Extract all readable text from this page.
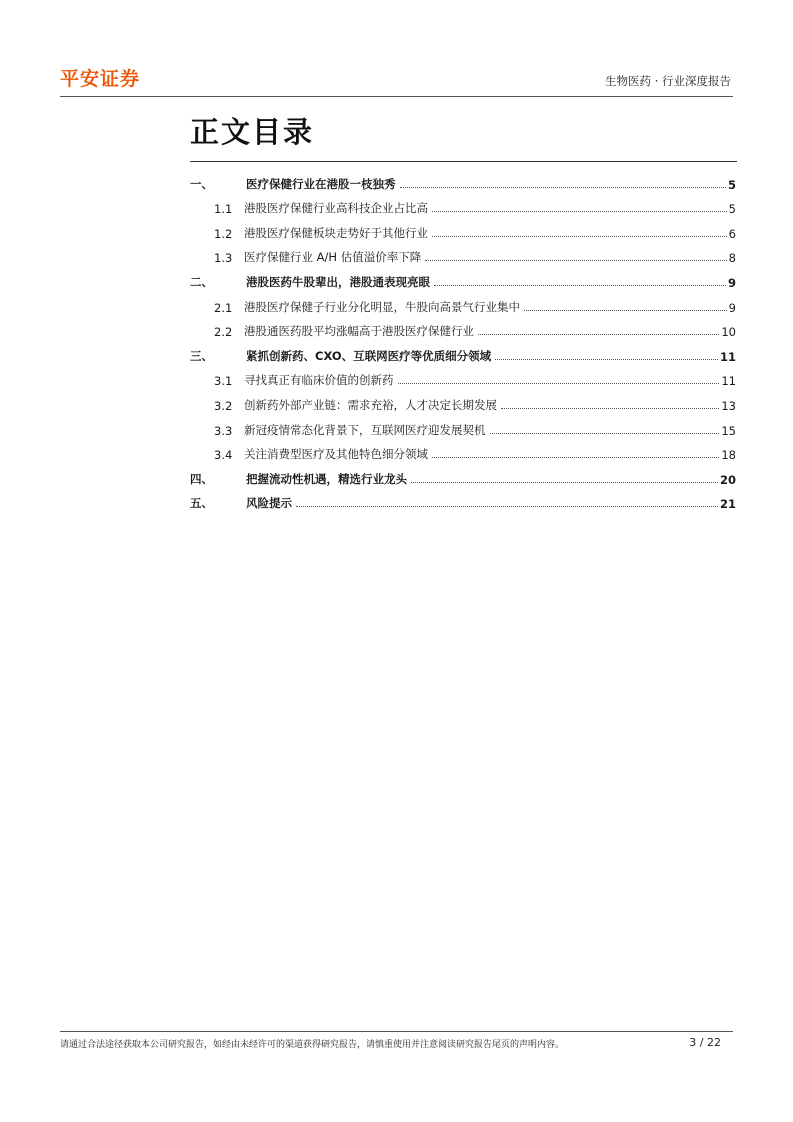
平安证券	生物医药 · 行业深度报告
正文目录
一、	医疗保健行业在港股一枝独秀	5
1.1	港股医疗保健行业高科技企业占比高	5
1.2	港股医疗保健板块走势好于其他行业	6
1.3	医疗保健行业 A/H 估值溢价率下降	8
二、	港股医药牛股辈出，港股通表现亮眼	9
2.1	港股医疗保健子行业分化明显，牛股向高景气行业集中	9
2.2	港股通医药股平均涨幅高于港股医疗保健行业	10
三、	紧抓创新药、CXO、互联网医疗等优质细分领域	11
3.1	寻找真正有临床价值的创新药	11
3.2	创新药外部产业链：需求充裕，人才决定长期发展	13
3.3	新冠疫情常态化背景下，互联网医疗迎发展契机	15
3.4	关注消费型医疗及其他特色细分领域	18
四、	把握流动性机遇，精选行业龙头	20
五、	风险提示	21
请通过合法途径获取本公司研究报告，如经由未经许可的渠道获得研究报告，请慎重使用并注意阅读研究报告尾页的声明内容。	3 / 22
